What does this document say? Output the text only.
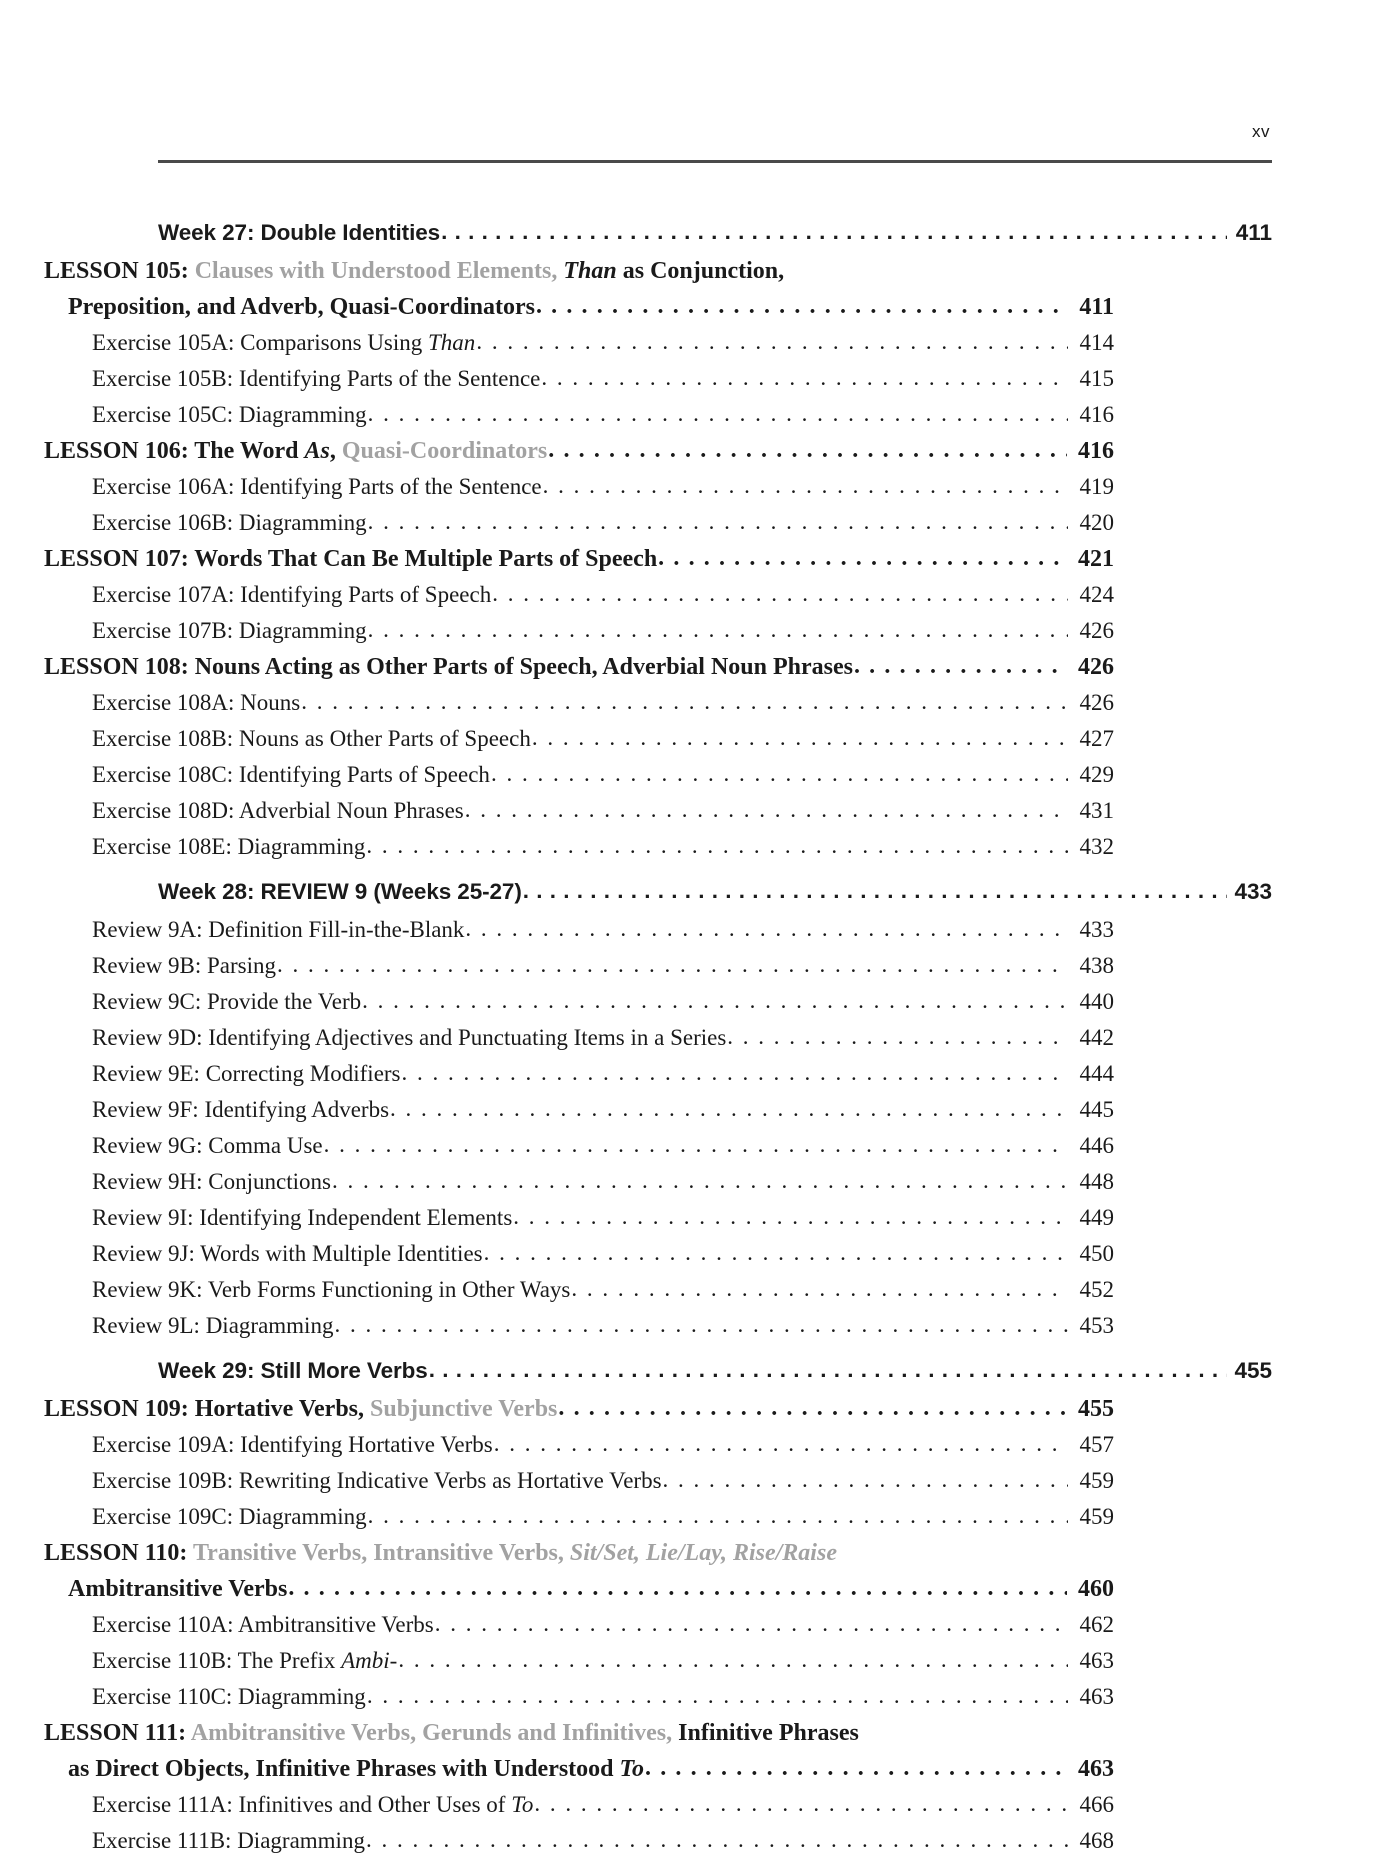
xv
Week 27: Double Identities . . .	411
LESSON 105: Clauses with Understood Elements, Than as Conjunction,
Preposition, and Adverb, Quasi-Coordinators . . .	411
Exercise 105A: Comparisons Using Than . . .	414
Exercise 105B: Identifying Parts of the Sentence . . .	415
Exercise 105C: Diagramming . . .	416
LESSON 106: The Word As, Quasi-Coordinators . . .	416
Exercise 106A: Identifying Parts of the Sentence . . .	419
Exercise 106B: Diagramming . . .	420
LESSON 107: Words That Can Be Multiple Parts of Speech . . .	421
Exercise 107A: Identifying Parts of Speech . . .	424
Exercise 107B: Diagramming . . .	426
LESSON 108: Nouns Acting as Other Parts of Speech, Adverbial Noun Phrases . . .	426
Exercise 108A: Nouns . . .	426
Exercise 108B: Nouns as Other Parts of Speech . . .	427
Exercise 108C: Identifying Parts of Speech . . .	429
Exercise 108D: Adverbial Noun Phrases . . .	431
Exercise 108E: Diagramming . . .	432
Week 28: REVIEW 9 (Weeks 25-27) . . .	433
Review 9A: Definition Fill-in-the-Blank . . .	433
Review 9B: Parsing . . .	438
Review 9C: Provide the Verb . . .	440
Review 9D: Identifying Adjectives and Punctuating Items in a Series . . .	442
Review 9E: Correcting Modifiers . . .	444
Review 9F: Identifying Adverbs . . .	445
Review 9G: Comma Use . . .	446
Review 9H: Conjunctions . . .	448
Review 9I: Identifying Independent Elements . . .	449
Review 9J: Words with Multiple Identities . . .	450
Review 9K: Verb Forms Functioning in Other Ways . . .	452
Review 9L: Diagramming . . .	453
Week 29: Still More Verbs . . .	455
LESSON 109: Hortative Verbs, Subjunctive Verbs . . .	455
Exercise 109A: Identifying Hortative Verbs . . .	457
Exercise 109B: Rewriting Indicative Verbs as Hortative Verbs . . .	459
Exercise 109C: Diagramming . . .	459
LESSON 110: Transitive Verbs, Intransitive Verbs, Sit/Set, Lie/Lay, Rise/Raise
Ambitransitive Verbs . . .	460
Exercise 110A: Ambitransitive Verbs . . .	462
Exercise 110B: The Prefix Ambi- . . .	463
Exercise 110C: Diagramming . . .	463
LESSON 111: Ambitransitive Verbs, Gerunds and Infinitives, Infinitive Phrases
as Direct Objects, Infinitive Phrases with Understood To . . .	463
Exercise 111A: Infinitives and Other Uses of To . . .	466
Exercise 111B: Diagramming . . .	468
